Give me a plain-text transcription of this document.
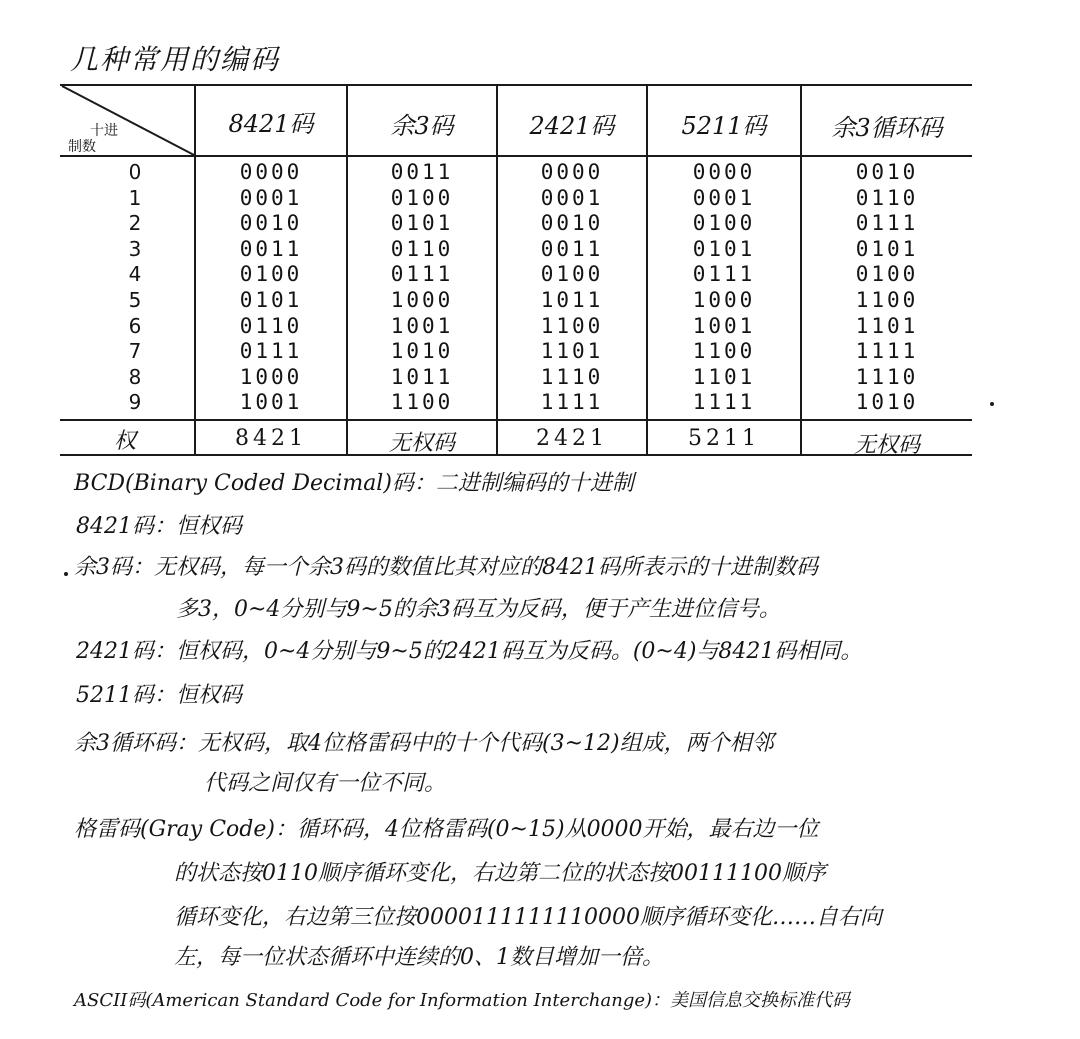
几种常用的编码
十进
制数
8421码	余3码	2421码	5211码	余3循环码
0	0000	0011	0000	0000	0010
1	0001	0100	0001	0001	0110
2	0010	0101	0010	0100	0111
3	0011	0110	0011	0101	0101
4	0100	0111	0100	0111	0100
5	0101	1000	1011	1000	1100
6	0110	1001	1100	1001	1101
7	0111	1010	1101	1100	1111
8	1000	1011	1110	1101	1110
9	1001	1100	1111	1111	1010
权	8421	无权码	2421	5211	无权码
BCD(Binary Coded Decimal)码：二进制编码的十进制
8421码：恒权码
余3码：无权码，每一个余3码的数值比其对应的8421码所表示的十进制数码
多3，0~4分别与9~5的余3码互为反码，便于产生进位信号。
2421码：恒权码，0~4分别与9~5的2421码互为反码。(0~4)与8421码相同。
5211码：恒权码
余3循环码：无权码，取4位格雷码中的十个代码(3~12)组成，两个相邻
代码之间仅有一位不同。
格雷码(Gray Code)：循环码，4位格雷码(0~15)从0000开始，最右边一位
的状态按0110顺序循环变化，右边第二位的状态按00111100顺序
循环变化，右边第三位按0000111111110000顺序循环变化……自右向
左，每一位状态循环中连续的0、1数目增加一倍。
ASCII码(American Standard Code for Information Interchange)：美国信息交换标准代码
